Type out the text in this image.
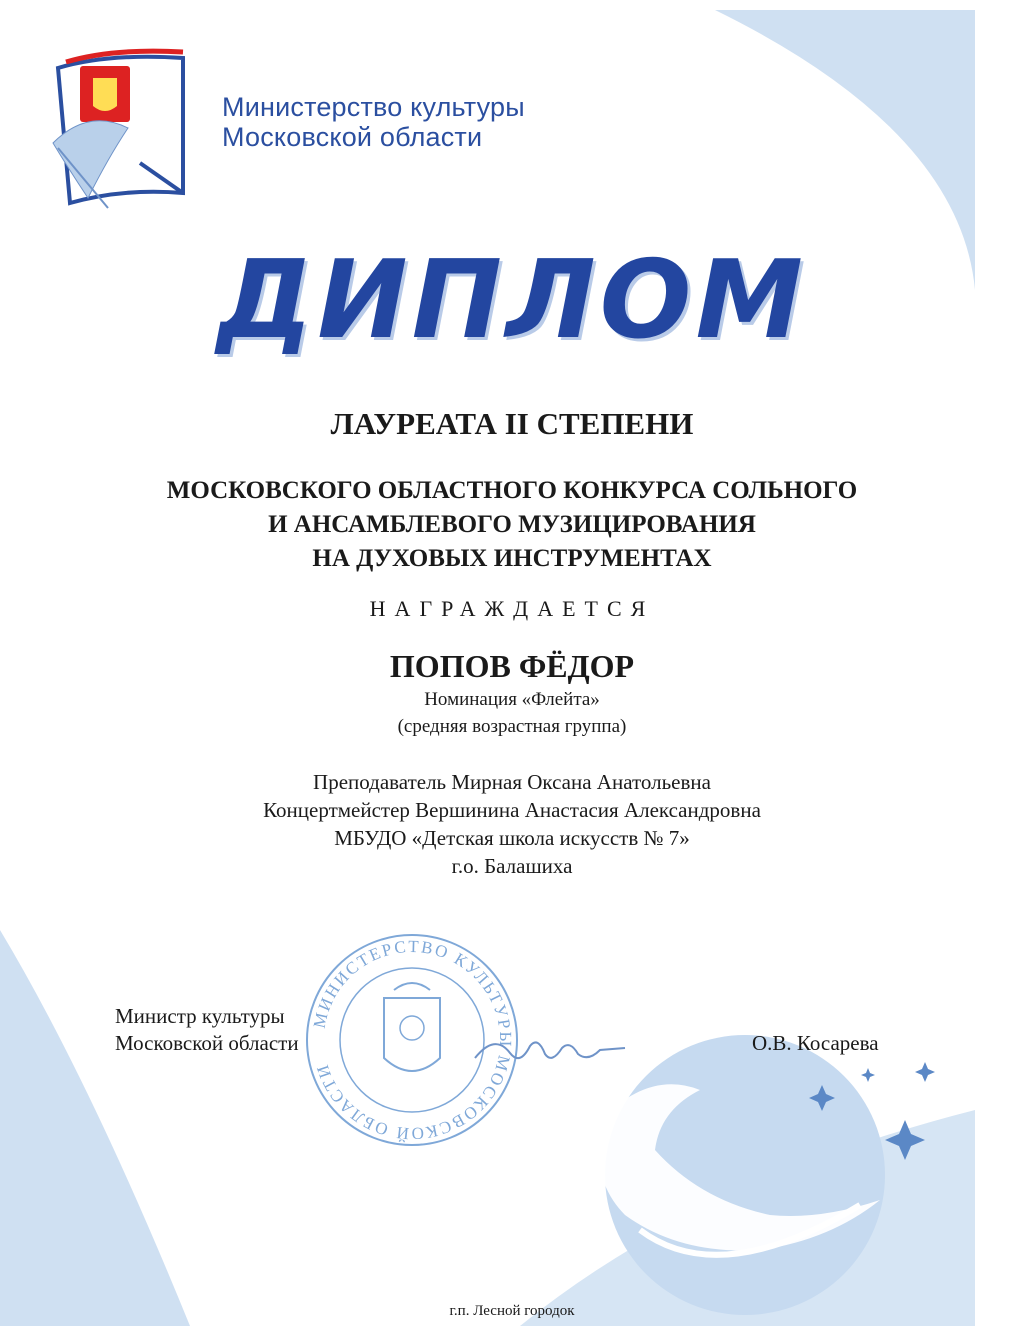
Министерство культуры
Московской области
ДИПЛОМ
ЛАУРЕАТА II СТЕПЕНИ
МОСКОВСКОГО ОБЛАСТНОГО КОНКУРСА СОЛЬНОГО
И АНСАМБЛЕВОГО МУЗИЦИРОВАНИЯ
НА ДУХОВЫХ ИНСТРУМЕНТАХ
НАГРАЖДАЕТСЯ
ПОПОВ ФЁДОР
Номинация «Флейта»
(средняя возрастная группа)
Преподаватель Мирная Оксана Анатольевна
Концертмейстер Вершинина Анастасия Александровна
МБУДО «Детская школа искусств № 7»
г.о. Балашиха
МИНИСТЕРСТВО КУЛЬТУРЫ МОСКОВСКОЙ ОБЛАСТИ
Министр культуры
Московской области	О.В. Косарева
г.п. Лесной городок
